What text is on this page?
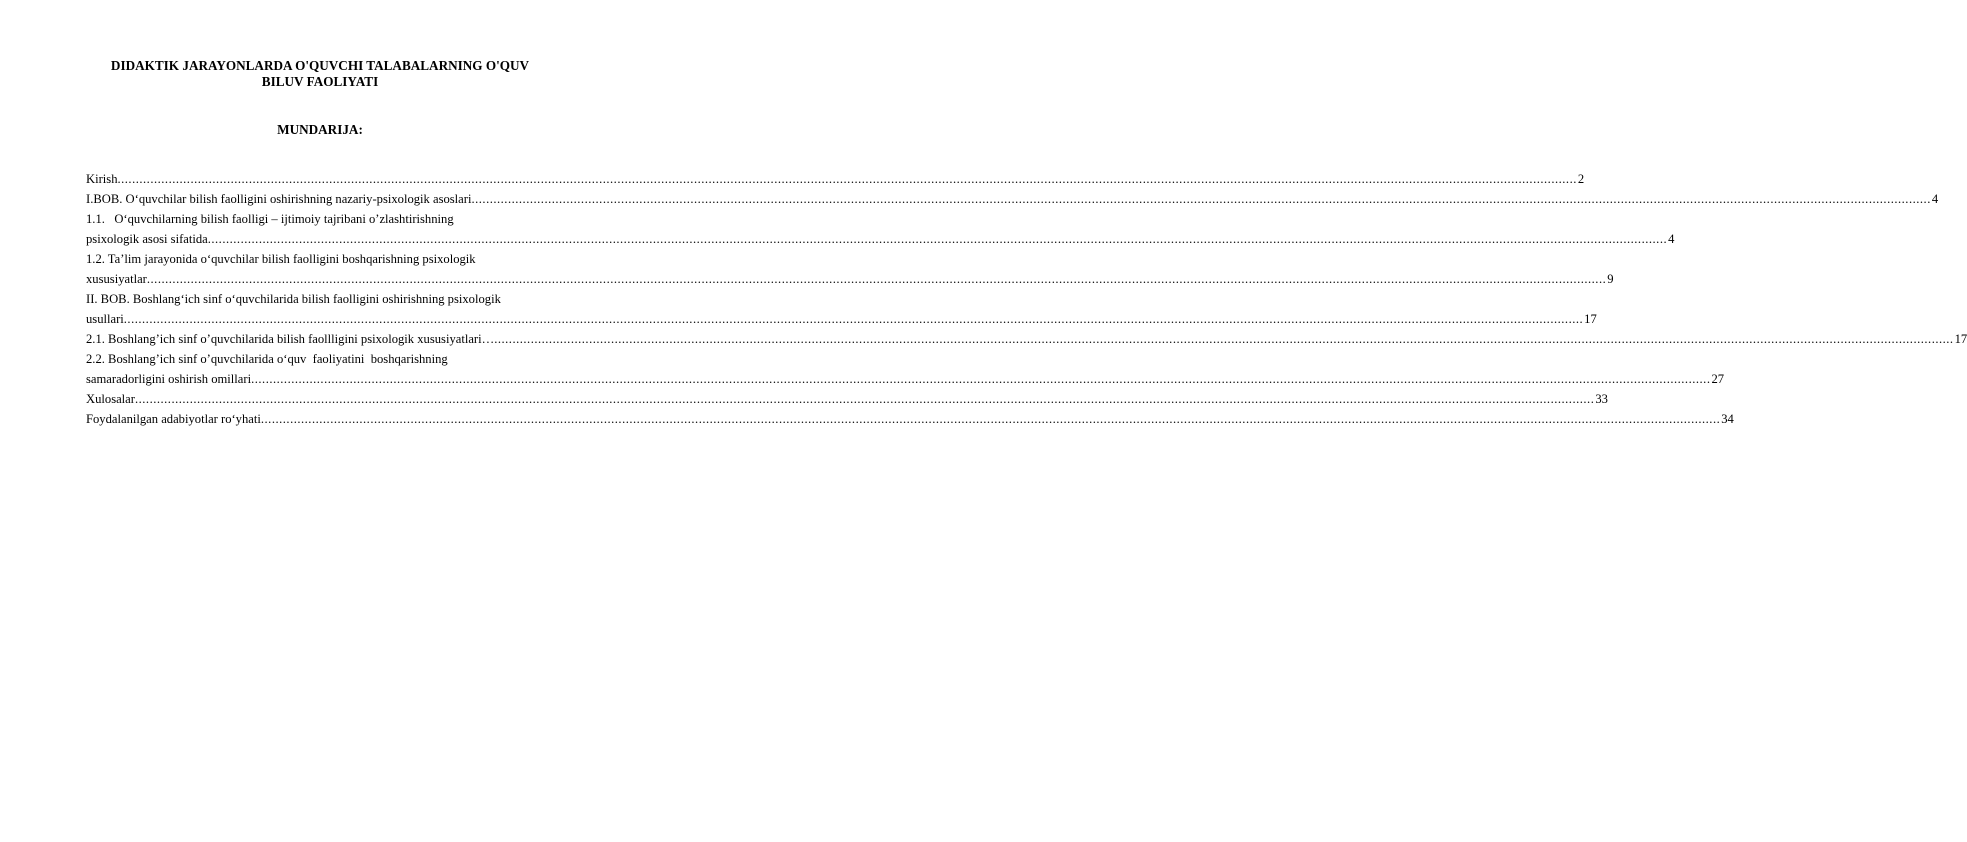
DIDAKTIK JARAYONLARDA O'QUVCHI TALABALARNING O'QUV
BILUV FAOLIYATI
MUNDARIJA:
Kirish ................................................................................................................................................................................................................................................................................................................................................................................................................ 2
I.BOB. O‘quvchilar bilish faolligini oshirishning nazariy-psixologik asoslari ................................................................................................................................................................................................................................................................................................................................................................................................................ 4
1.1.   O‘quvchilarning bilish faolligi – ijtimoiy tajribani o’zlashtirishning
psixologik asosi sifatida ................................................................................................................................................................................................................................................................................................................................................................................................................ 4
1.2. Ta’lim jarayonida o‘quvchilar bilish faolligini boshqarishning psixologik
xususiyatlar ................................................................................................................................................................................................................................................................................................................................................................................................................ 9
II. BOB. Boshlang‘ich sinf o‘quvchilarida bilish faolligini oshirishning psixologik
usullari ................................................................................................................................................................................................................................................................................................................................................................................................................ 17
2.1. Boshlang’ich sinf o’quvchilarida bilish faollligini psixologik xususiyatlari… ................................................................................................................................................................................................................................................................................................................................................................................................................ 17
2.2. Boshlang’ich sinf o’quvchilarida o‘quv  faoliyatini  boshqarishning
samaradorligini oshirish omillari ................................................................................................................................................................................................................................................................................................................................................................................................................ 27
Xulosalar ................................................................................................................................................................................................................................................................................................................................................................................................................ 33
Foydalanilgan adabiyotlar ro‘yhati ................................................................................................................................................................................................................................................................................................................................................................................................................ 34
